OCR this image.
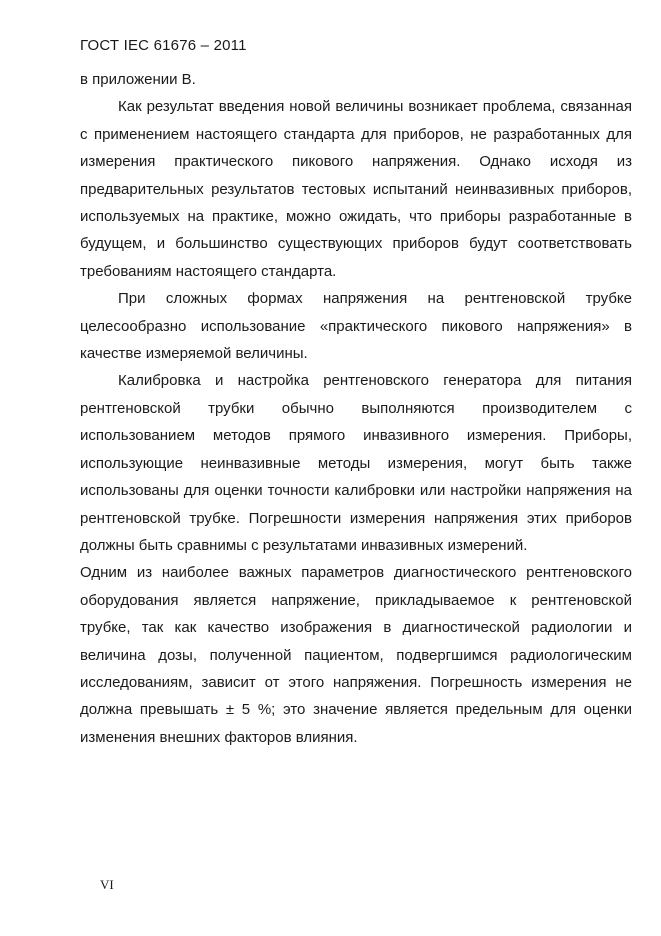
ГОСТ IEC 61676 – 2011

в приложении В.

Как результат введения новой величины возникает проблема, связанная с применением настоящего стандарта для приборов, не разработанных для измерения практического пикового напряжения. Однако исходя из предварительных результатов тестовых испытаний неинвазивных приборов, используемых на практике, можно ожидать, что приборы разработанные в будущем, и большинство существующих приборов будут соответствовать требованиям настоящего стандарта.

При сложных формах напряжения на рентгеновской трубке целесообразно использование «практического пикового напряжения» в качестве измеряемой величины.

Калибровка и настройка рентгеновского генератора для питания рентгеновской трубки обычно выполняются производителем с использованием методов прямого инвазивного измерения. Приборы, использующие неинвазивные методы измерения, могут быть также использованы для оценки точности калибровки или настройки напряжения на рентгеновской трубке. Погрешности измерения напряжения этих приборов должны быть сравнимы с результатами инвазивных измерений.

Одним из наиболее важных параметров диагностического рентгеновского оборудования является напряжение, прикладываемое к рентгеновской трубке, так как качество изображения в диагностической радиологии и величина дозы, полученной пациентом, подвергшимся радиологическим исследованиям, зависит от этого напряжения. Погрешность измерения не должна превышать ± 5 %; это значение является предельным для оценки изменения внешних факторов влияния.

VI
